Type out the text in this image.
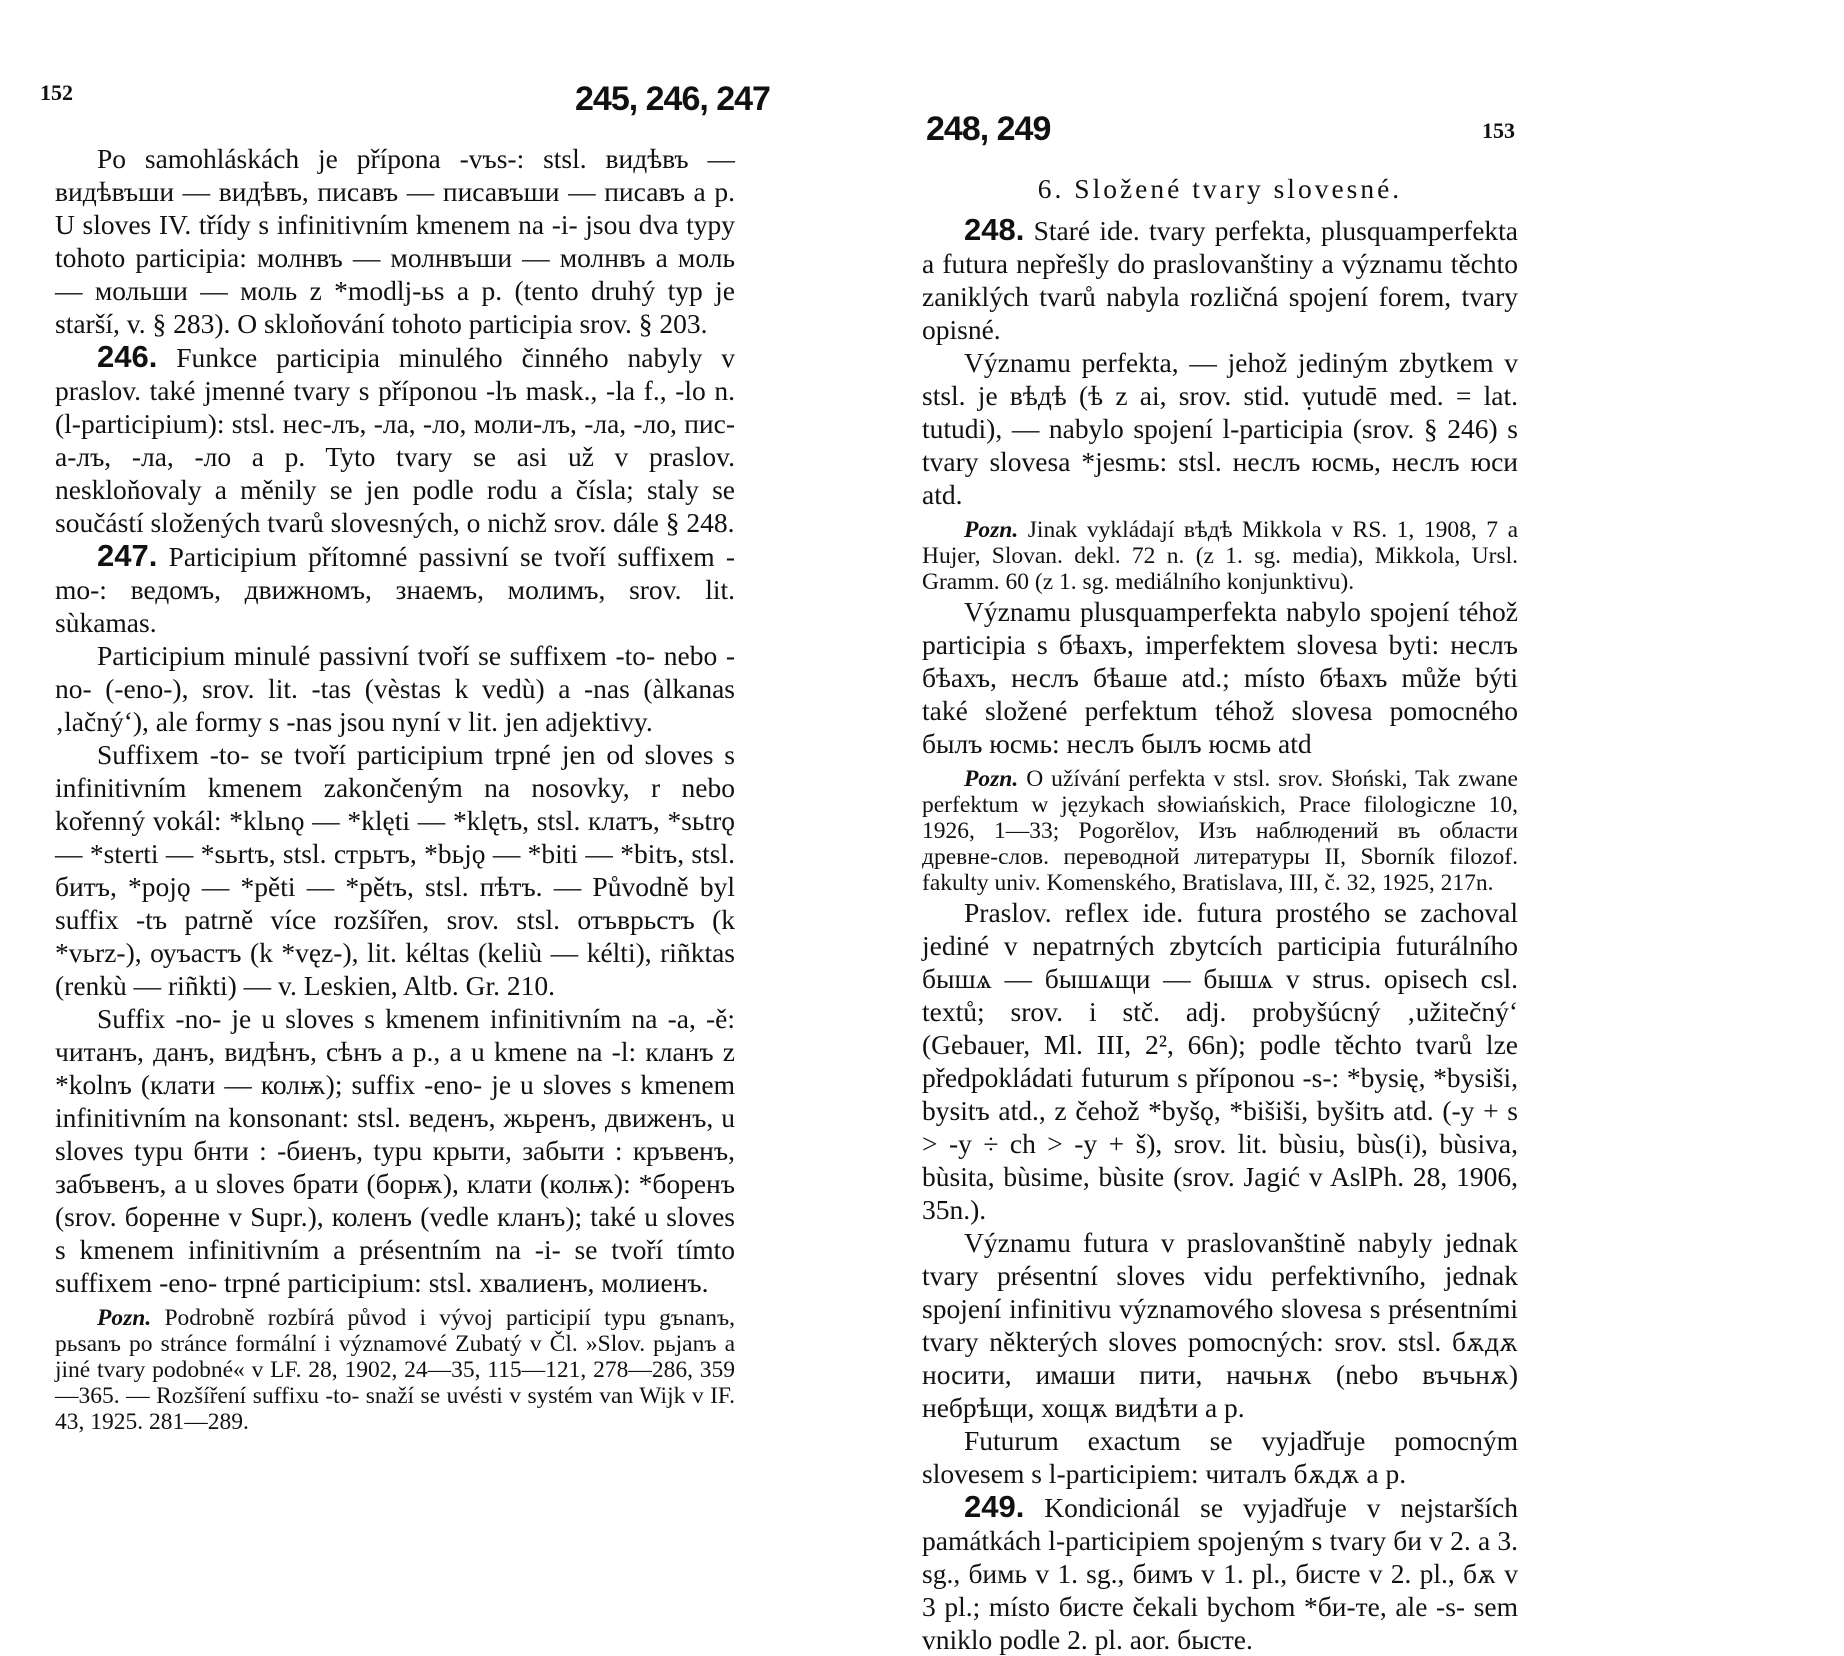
152	245, 246, 247

Po samohláskách je přípona -vъs-: stsl. видѣвъ — видѣвъши — видѣвъ, писавъ — писавъши — писавъ a p. U sloves IV. třídy s infinitivním kmenem na -i- jsou dva typy tohoto participia: молнвъ — молнвъши — молнвъ a моль — мольши — моль z *modlj-ьs a p. (tento druhý typ je starší, v. § 283). O skloňování tohoto participia srov. § 203.

246. Funkce participia minulého činného nabyly v praslov. také jmenné tvary s příponou -lъ mask., -la f., -lo n. (l-participium): stsl. нес-лъ, -ла, -ло, моли-лъ, -ла, -ло, пис-а-лъ, -ла, -ло a p. Tyto tvary se asi už v praslov. neskloňovaly a měnily se jen podle rodu a čísla; staly se součástí složených tvarů slovesných, o nichž srov. dále § 248.

247. Participium přítomné passivní se tvoří suffixem -mo-: ведомъ, движномъ, знаемъ, молимъ, srov. lit. sùkamas.

Participium minulé passivní tvoří se suffixem -to- nebo -no- (-eno-), srov. lit. -tas (vèstas k vedù) a -nas (àlkanas ‚lačný‘), ale formy s -nas jsou nyní v lit. jen adjektivy.

Suffixem -to- se tvoří participium trpné jen od sloves s infinitivním kmenem zakončeným na nosovky, r nebo kořenný vokál: *klьnǫ — *klęti — *klętъ, stsl. клатъ, *sьtrǫ — *sterti — *sьrtъ, stsl. стрьтъ, *bьjǫ — *biti — *bitъ, stsl. битъ, *pojǫ — *pěti — *pětъ, stsl. пѣтъ. — Původně byl suffix -tъ patrně více rozšířen, srov. stsl. отъврьстъ (k *vьrz-), оуъастъ (k *vęz-), lit. kéltas (keliù — kélti), riñktas (renkù — riñkti) — v. Leskien, Altb. Gr. 210.

Suffix -no- je u sloves s kmenem infinitivním na -a, -ě: читанъ, данъ, видѣнъ, сѣнъ a p., a u kmene na -l: кланъ z *kolnъ (клати — колѭ); suffix -eno- je u sloves s kmenem infinitivním na konsonant: stsl. веденъ, жьренъ, движенъ, u sloves typu бнти : -биенъ, typu крыти, забыти : кръвенъ, забъвенъ, a u sloves брати (борѭ), клати (колѭ): *боренъ (srov. боренне v Supr.), коленъ (vedle кланъ); také u sloves s kmenem infinitivním a présentním na -i- se tvoří tímto suffixem -eno- trpné participium: stsl. хвалиенъ, молиенъ.

Pozn. Podrobně rozbírá původ i vývoj participií typu gъnanъ, pьsanъ po stránce formální i významové Zubatý v Čl. »Slov. pьjanъ a jiné tvary podobné« v LF. 28, 1902, 24—35, 115—121, 278—286, 359—365. — Rozšíření suffixu -to- snaží se uvésti v systém van Wijk v IF. 43, 1925. 281—289.

248, 249	153

6. Složené tvary slovesné.

248. Staré ide. tvary perfekta, plusquamperfekta a futura nepřešly do praslovanštiny a významu těchto zaniklých tvarů nabyla rozličná spojení forem, tvary opisné.

Významu perfekta, — jehož jediným zbytkem v stsl. je вѣдѣ (ѣ z ai, srov. stid. ṿutudē med. = lat. tutudi), — nabylo spojení l-participia (srov. § 246) s tvary slovesa *jesmь: stsl. неслъ юсмь, неслъ юси atd.

Pozn. Jinak vykládají вѣдѣ Mikkola v RS. 1, 1908, 7 a Hujer, Slovan. dekl. 72 n. (z 1. sg. media), Mikkola, Ursl. Gramm. 60 (z 1. sg. mediálního konjunktivu).

Významu plusquamperfekta nabylo spojení téhož participia s бѣахъ, imperfektem slovesa byti: неслъ бѣахъ, неслъ бѣаше atd.; místo бѣахъ může býti také složené perfektum téhož slovesa pomocného былъ юсмь: неслъ былъ юсмь atd

Pozn. O užívání perfekta v stsl. srov. Słoński, Tak zwane perfektum w językach słowiańskich, Prace filologiczne 10, 1926, 1—33; Pogorělov, Изъ наблюдений въ области древне-слов. переводной литературы II, Sborník filozof. fakulty univ. Komenského, Bratislava, III, č. 32, 1925, 217n.

Praslov. reflex ide. futura prostého se zachoval jediné v nepatrných zbytcích participia futurálního бышѧ — бышѧщи — бышѧ v strus. opisech csl. textů; srov. i stč. adj. probyšúcný ‚užitečný‘ (Gebauer, Ml. III, 2², 66n); podle těchto tvarů lze předpokládati futurum s příponou -s-: *bysię, *bysiši, bysitъ atd., z čehož *byšǫ, *bišiši, byšitъ atd. (-y + s > -y ÷ ch > -y + š), srov. lit. bùsiu, bùs(i), bùsiva, bùsita, bùsime, bùsite (srov. Jagić v AslPh. 28, 1906, 35n.).

Významu futura v praslovanštině nabyly jednak tvary présentní sloves vidu perfektivního, jednak spojení infinitivu významového slovesa s présentními tvary některých sloves pomocných: srov. stsl. бѫдѫ носити, имаши пити, начьнѫ (nebo въчьнѫ) небрѣщи, хощѫ видѣти a p.

Futurum exactum se vyjadřuje pomocným slovesem s l-participiem: читалъ бѫдѫ a p.

249. Kondicionál se vyjadřuje v nejstarších památkách l-participiem spojeným s tvary би v 2. a 3. sg., бимь v 1. sg., бимъ v 1. pl., бисте v 2. pl., бѫ v 3 pl.; místo бисте čekali bychom *би-те, ale -s- sem vniklo podle 2. pl. aor. бысте.
